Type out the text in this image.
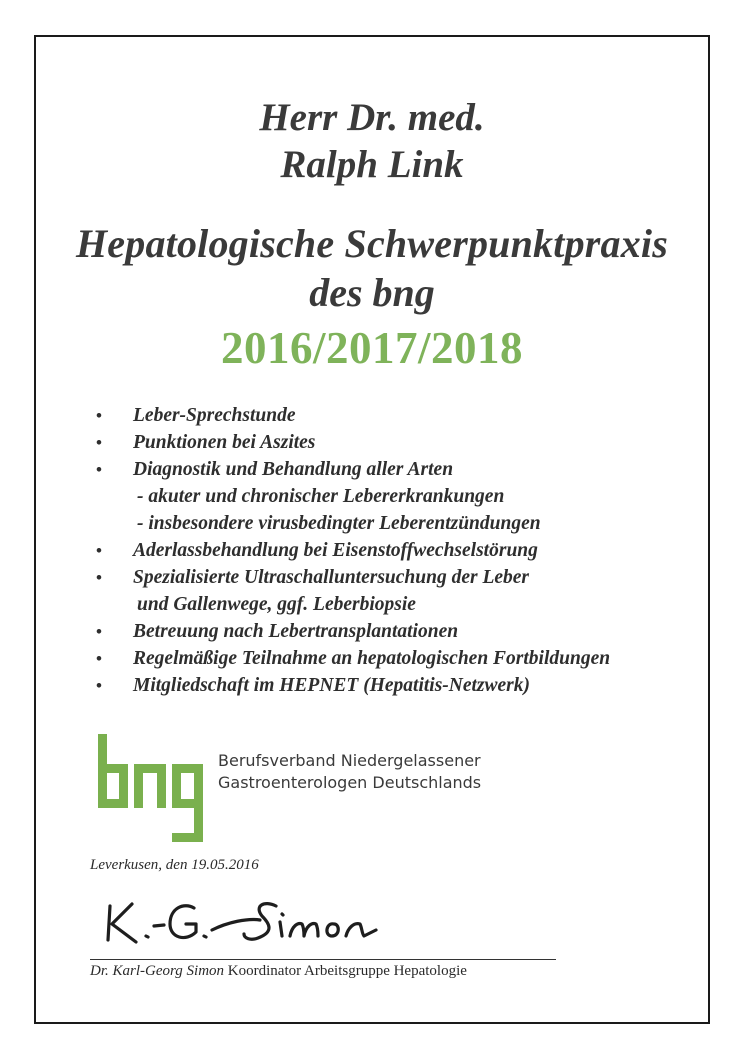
Herr Dr. med.
Ralph Link
Hepatologische Schwerpunktpraxis
des bng
2016/2017/2018
• Leber-Sprechstunde
• Punktionen bei Aszites
• Diagnostik und Behandlung aller Arten
- akuter und chronischer Lebererkrankungen
- insbesondere virusbedingter Leberentzündungen
• Aderlassbehandlung bei Eisenstoffwechselstörung
• Spezialisierte Ultraschalluntersuchung der Leber
und Gallenwege, ggf. Leberbiopsie
• Betreuung nach Lebertransplantationen
• Regelmäßige Teilnahme an hepatologischen Fortbildungen
• Mitgliedschaft im HEPNET (Hepatitis-Netzwerk)
Berufsverband Niedergelassener
Gastroenterologen Deutschlands
Leverkusen, den 19.05.2016
Dr. Karl-Georg Simon Koordinator Arbeitsgruppe Hepatologie
